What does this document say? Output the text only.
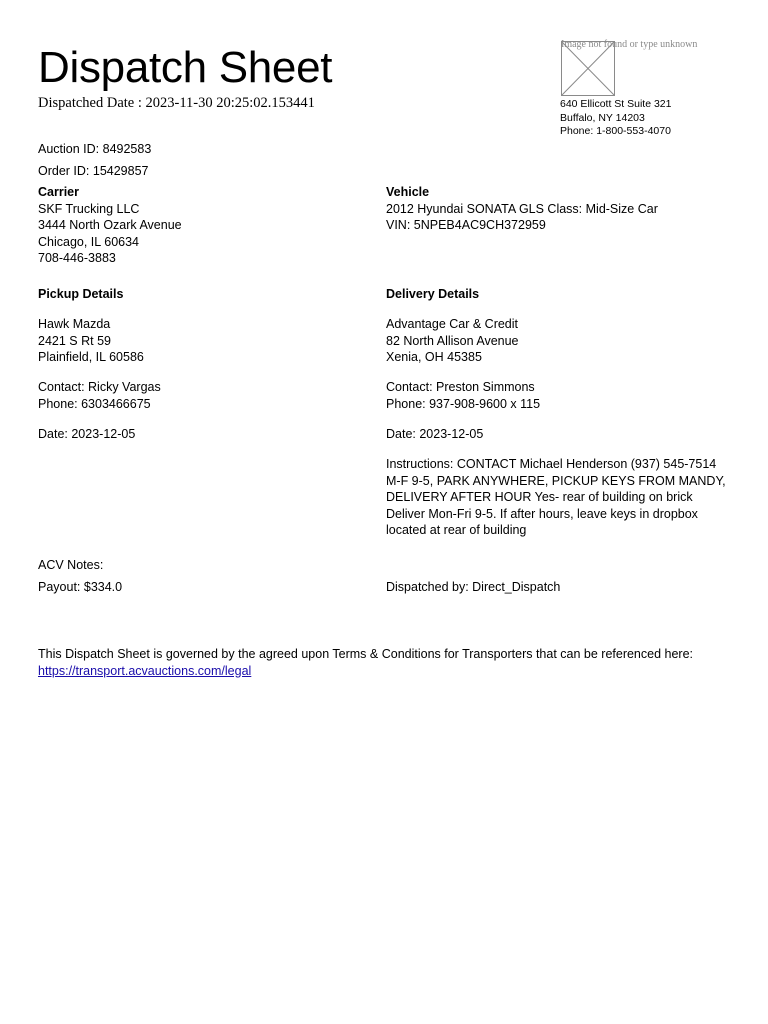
Dispatch Sheet
Dispatched Date : 2023-11-30 20:25:02.153441
Image not found or type unknown
640 Ellicott St Suite 321
Buffalo, NY 14203
Phone: 1-800-553-4070
Auction ID: 8492583
Order ID: 15429857
Carrier
SKF Trucking LLC
3444 North Ozark Avenue
Chicago, IL 60634
708-446-3883
Vehicle
2012 Hyundai SONATA GLS Class: Mid-Size Car
VIN: 5NPEB4AC9CH372959
Pickup Details
Hawk Mazda
2421 S Rt 59
Plainfield, IL 60586
Contact: Ricky Vargas
Phone: 6303466675
Date: 2023-12-05
Delivery Details
Advantage Car & Credit
82 North Allison Avenue
Xenia, OH 45385
Contact: Preston Simmons
Phone: 937-908-9600 x 115
Date: 2023-12-05
Instructions: CONTACT Michael Henderson (937) 545-7514 M-F 9-5, PARK ANYWHERE, PICKUP KEYS FROM MANDY, DELIVERY AFTER HOUR Yes- rear of building on brick Deliver Mon-Fri 9-5. If after hours, leave keys in dropbox located at rear of building
ACV Notes:
Payout: $334.0	Dispatched by: Direct_Dispatch
This Dispatch Sheet is governed by the agreed upon Terms & Conditions for Transporters that can be referenced here: https://transport.acvauctions.com/legal
